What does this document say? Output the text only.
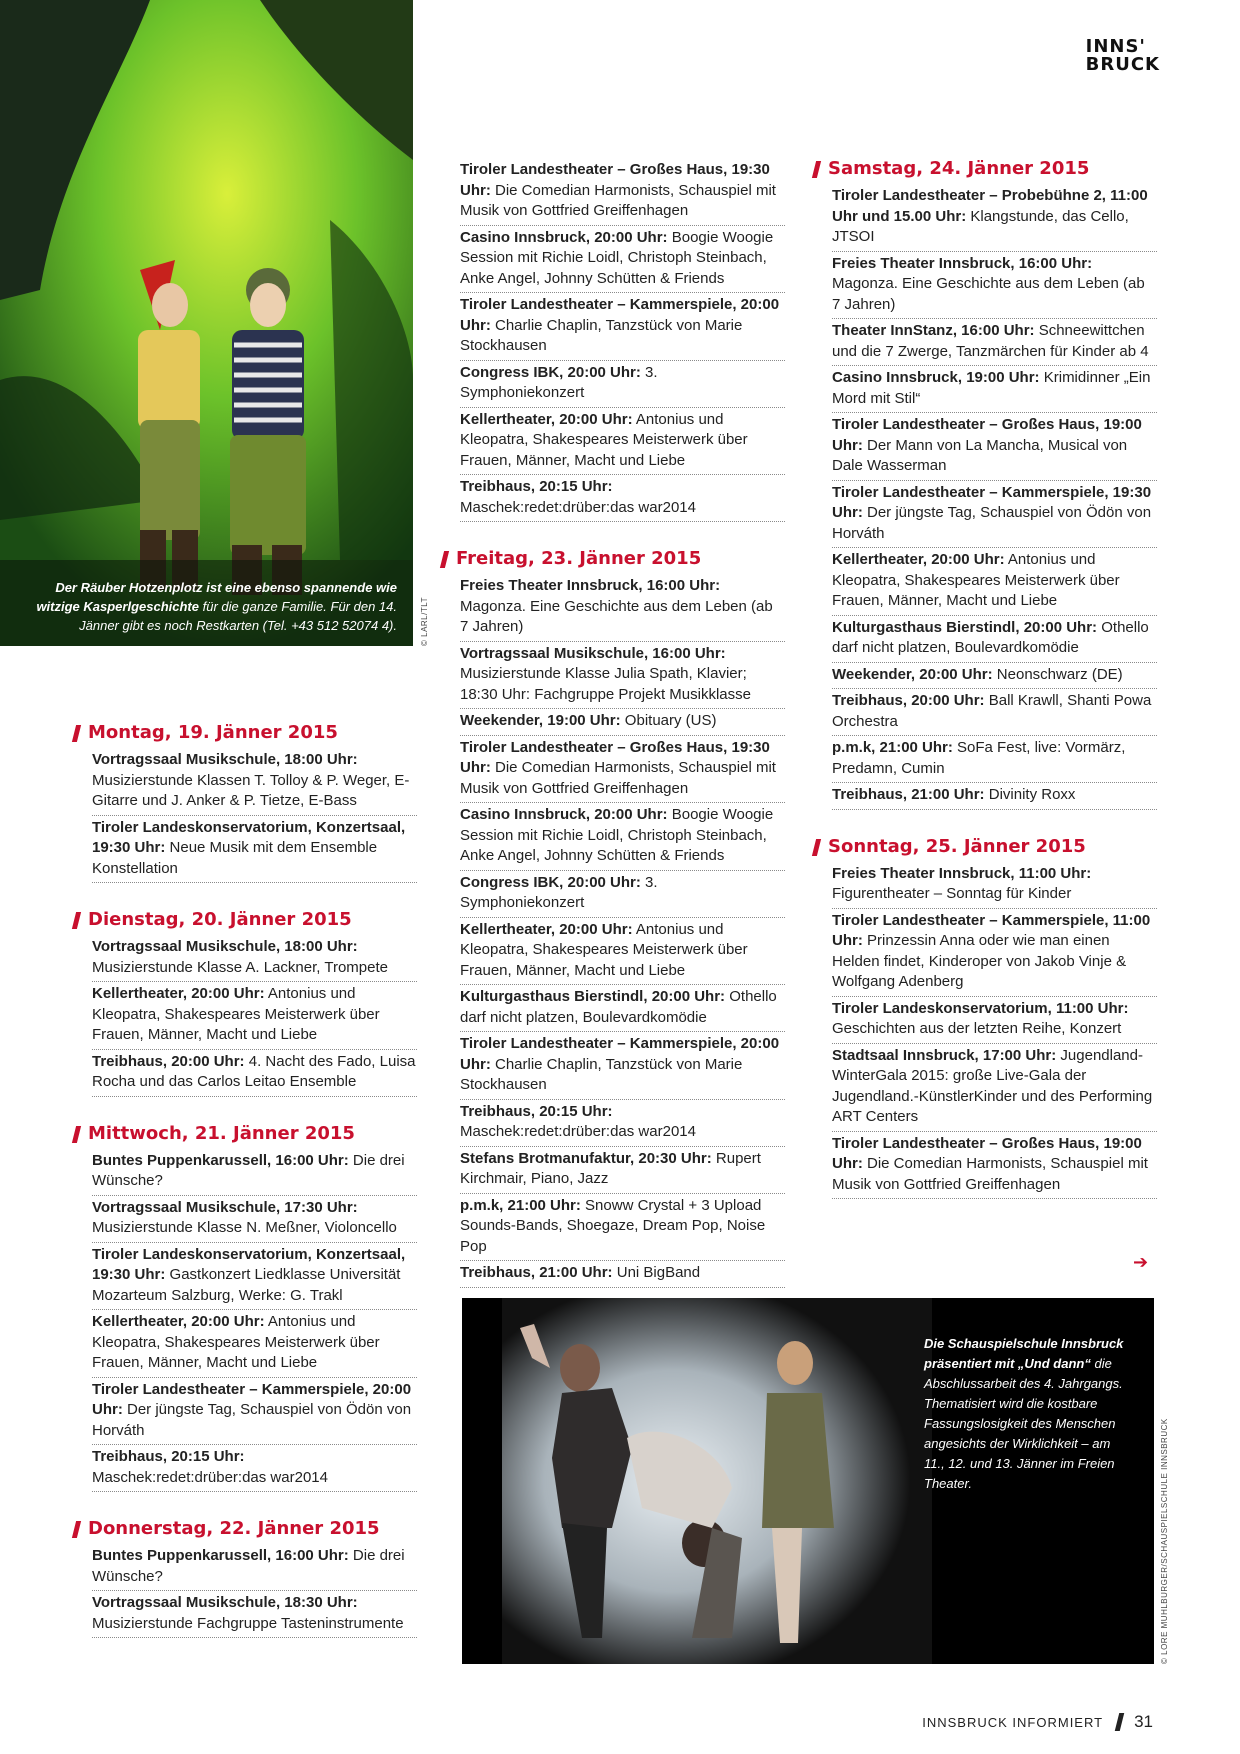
Der Räuber Hotzenplotz ist eine ebenso spannende wie witzige Kasperlgeschichte für die ganze Familie. Für den 14. Jänner gibt es noch Restkarten (Tel. +43 512 52074 4).	© LARL/TLT
INNS'
BRUCK
Montag, 19. Jänner 2015
Vortragssaal Musikschule, 18:00 Uhr: Musizierstunde Klassen T. Tolloy & P. Weger, E-Gitarre und J. Anker & P. Tietze, E-Bass
Tiroler Landeskonservatorium, Konzertsaal, 19:30 Uhr: Neue Musik mit dem Ensemble Konstellation
Dienstag, 20. Jänner 2015
Vortragssaal Musikschule, 18:00 Uhr: Musizierstunde Klasse A. Lackner, Trompete
Kellertheater, 20:00 Uhr: Antonius und Kleopatra, Shakespeares Meisterwerk über Frauen, Männer, Macht und Liebe
Treibhaus, 20:00 Uhr: 4. Nacht des Fado, Luisa Rocha und das Carlos Leitao Ensemble
Mittwoch, 21. Jänner 2015
Buntes Puppenkarussell, 16:00 Uhr: Die drei Wünsche?
Vortragssaal Musikschule, 17:30 Uhr: Musizierstunde Klasse N. Meßner, Violoncello
Tiroler Landeskonservatorium, Konzertsaal, 19:30 Uhr: Gastkonzert Liedklasse Universität Mozarteum Salzburg, Werke: G. Trakl
Kellertheater, 20:00 Uhr: Antonius und Kleopatra, Shakespeares Meisterwerk über Frauen, Männer, Macht und Liebe
Tiroler Landestheater – Kammerspiele, 20:00 Uhr: Der jüngste Tag, Schauspiel von Ödön von Horváth
Treibhaus, 20:15 Uhr: Maschek:redet:drüber:das war2014
Donnerstag, 22. Jänner 2015
Buntes Puppenkarussell, 16:00 Uhr: Die drei Wünsche?
Vortragssaal Musikschule, 18:30 Uhr: Musizierstunde Fachgruppe Tasteninstrumente
Tiroler Landestheater – Großes Haus, 19:30 Uhr: Die Comedian Harmonists, Schauspiel mit Musik von Gottfried Greiffenhagen
Casino Innsbruck, 20:00 Uhr: Boogie Woogie Session mit Richie Loidl, Christoph Steinbach, Anke Angel, Johnny Schütten & Friends
Tiroler Landestheater – Kammerspiele, 20:00 Uhr: Charlie Chaplin, Tanzstück von Marie Stockhausen
Congress IBK, 20:00 Uhr: 3. Symphoniekonzert
Kellertheater, 20:00 Uhr: Antonius und Kleopatra, Shakespeares Meisterwerk über Frauen, Männer, Macht und Liebe
Treibhaus, 20:15 Uhr: Maschek:redet:drüber:das war2014
Freitag, 23. Jänner 2015
Freies Theater Innsbruck, 16:00 Uhr: Magonza. Eine Geschichte aus dem Leben (ab 7 Jahren)
Vortragssaal Musikschule, 16:00 Uhr: Musizierstunde Klasse Julia Spath, Klavier; 18:30 Uhr: Fachgruppe Projekt Musikklasse
Weekender, 19:00 Uhr: Obituary (US)
Tiroler Landestheater – Großes Haus, 19:30 Uhr: Die Comedian Harmonists, Schauspiel mit Musik von Gottfried Greiffenhagen
Casino Innsbruck, 20:00 Uhr: Boogie Woogie Session mit Richie Loidl, Christoph Steinbach, Anke Angel, Johnny Schütten & Friends
Congress IBK, 20:00 Uhr: 3. Symphoniekonzert
Kellertheater, 20:00 Uhr: Antonius und Kleopatra, Shakespeares Meisterwerk über Frauen, Männer, Macht und Liebe
Kulturgasthaus Bierstindl, 20:00 Uhr: Othello darf nicht platzen, Boulevardkomödie
Tiroler Landestheater – Kammerspiele, 20:00 Uhr: Charlie Chaplin, Tanzstück von Marie Stockhausen
Treibhaus, 20:15 Uhr: Maschek:redet:drüber:das war2014
Stefans Brotmanufaktur, 20:30 Uhr: Rupert Kirchmair, Piano, Jazz
p.m.k, 21:00 Uhr: Snoww Crystal + 3 Upload Sounds-Bands, Shoegaze, Dream Pop, Noise Pop
Treibhaus, 21:00 Uhr: Uni BigBand
Samstag, 24. Jänner 2015
Tiroler Landestheater – Probebühne 2, 11:00 Uhr und 15.00 Uhr: Klangstunde, das Cello, JTSOI
Freies Theater Innsbruck, 16:00 Uhr: Magonza. Eine Geschichte aus dem Leben (ab 7 Jahren)
Theater InnStanz, 16:00 Uhr: Schneewittchen und die 7 Zwerge, Tanzmärchen für Kinder ab 4
Casino Innsbruck, 19:00 Uhr: Krimidinner „Ein Mord mit Stil“
Tiroler Landestheater – Großes Haus, 19:00 Uhr: Der Mann von La Mancha, Musical von Dale Wasserman
Tiroler Landestheater – Kammerspiele, 19:30 Uhr: Der jüngste Tag, Schauspiel von Ödön von Horváth
Kellertheater, 20:00 Uhr: Antonius und Kleopatra, Shakespeares Meisterwerk über Frauen, Männer, Macht und Liebe
Kulturgasthaus Bierstindl, 20:00 Uhr: Othello darf nicht platzen, Boulevardkomödie
Weekender, 20:00 Uhr: Neonschwarz (DE)
Treibhaus, 20:00 Uhr: Ball Krawll, Shanti Powa Orchestra
p.m.k, 21:00 Uhr: SoFa Fest, live: Vormärz, Predamn, Cumin
Treibhaus, 21:00 Uhr: Divinity Roxx
Sonntag, 25. Jänner 2015
Freies Theater Innsbruck, 11:00 Uhr: Figurentheater – Sonntag für Kinder
Tiroler Landestheater – Kammerspiele, 11:00 Uhr: Prinzessin Anna oder wie man einen Helden findet, Kinderoper von Jakob Vinje & Wolfgang Adenberg
Tiroler Landeskonservatorium, 11:00 Uhr: Geschichten aus der letzten Reihe, Konzert
Stadtsaal Innsbruck, 17:00 Uhr: Jugendland-WinterGala 2015: große Live-Gala der Jugendland.-KünstlerKinder und des Performing ART Centers
Tiroler Landestheater – Großes Haus, 19:00 Uhr: Die Comedian Harmonists, Schauspiel mit Musik von Gottfried Greiffenhagen
➔
Die Schauspielschule Innsbruck präsentiert mit „Und dann“ die Abschlussarbeit des 4. Jahrgangs. Thematisiert wird die kostbare Fassungslosigkeit des Menschen angesichts der Wirklichkeit – am 11., 12. und 13. Jänner im Freien Theater.	© LORE MUHLBURGER/SCHAUSPIELSCHULE INNSBRUCK
INNSBRUCK INFORMIERT 31
